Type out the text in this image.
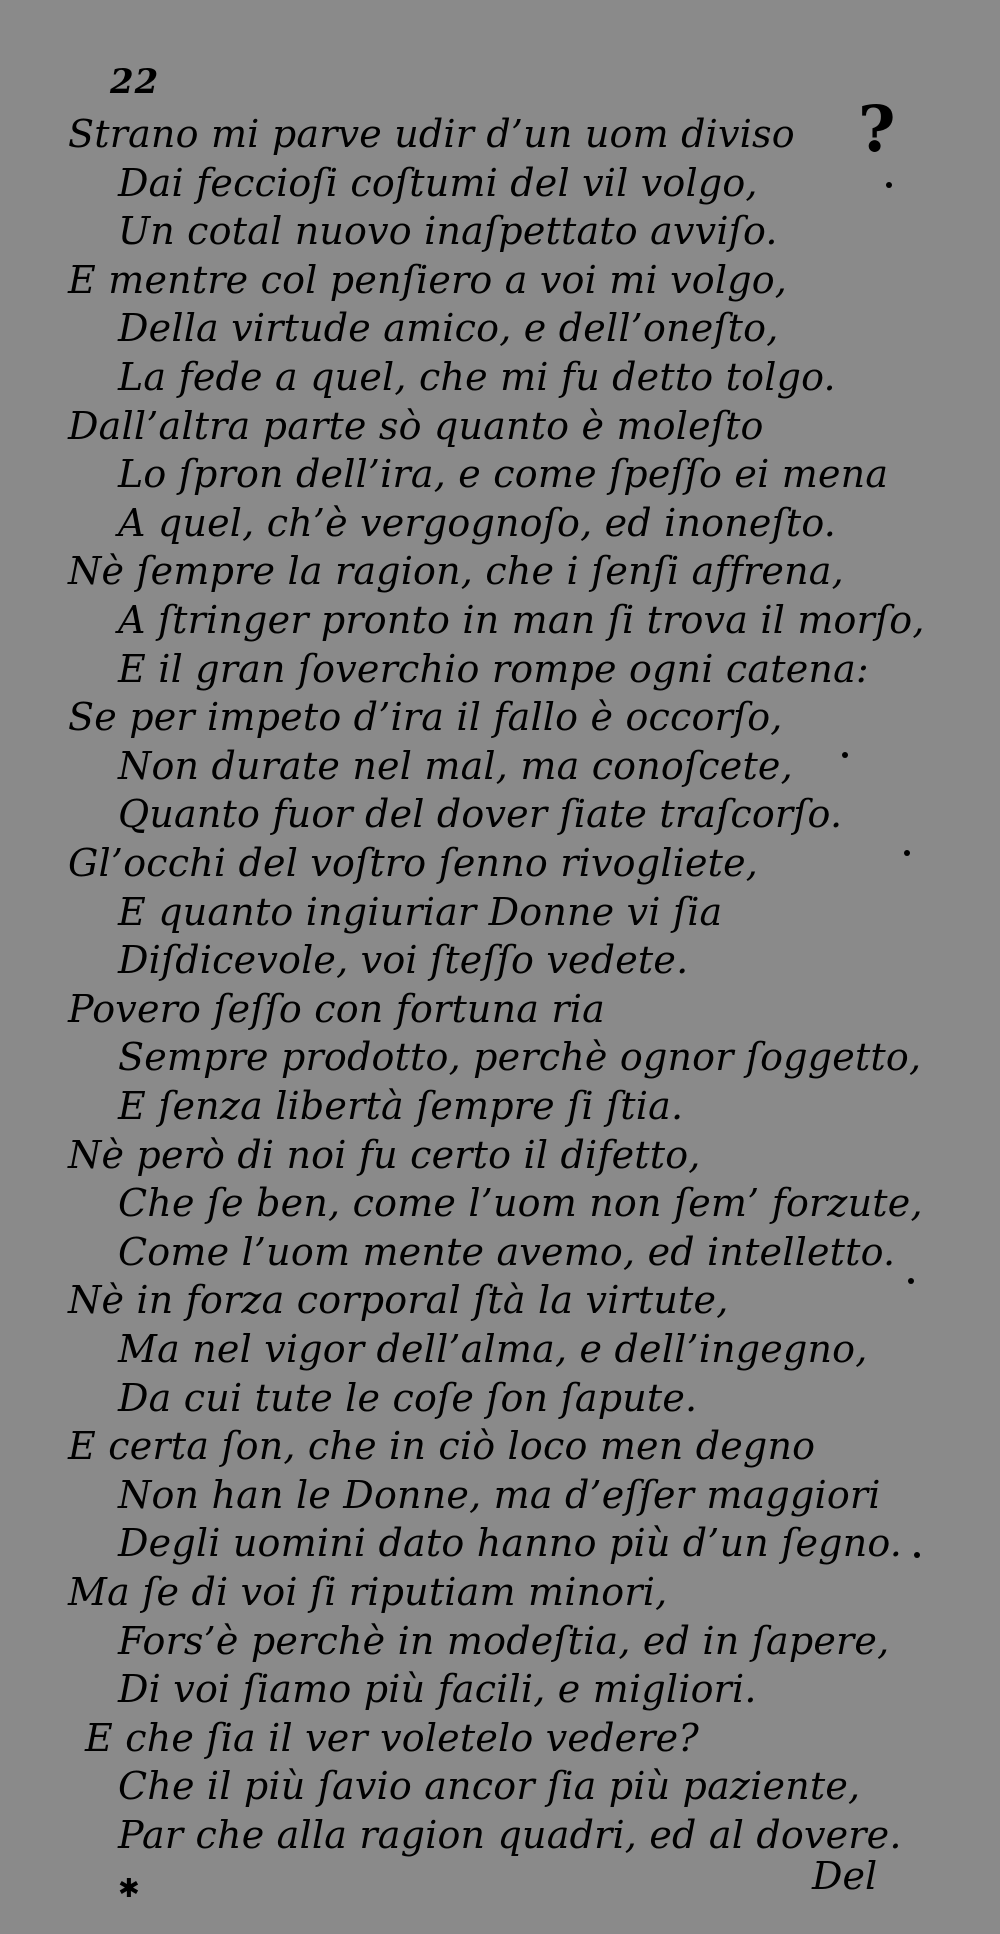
22
?
Strano mi parve udir d’un uom diviso
Dai feccioſi coſtumi del vil volgo,
Un cotal nuovo inaſpettato avviſo.
E mentre col penſiero a voi mi volgo,
Della virtude amico, e dell’oneſto,
La fede a quel, che mi fu detto tolgo.
Dall’altra parte sò quanto è moleſto
Lo ſpron dell’ira, e come ſpeſſo ei mena
A quel, ch’è vergognoſo, ed inoneſto.
Nè ſempre la ragion, che i ſenſi affrena,
A ſtringer pronto in man ſi trova il morſo,
E il gran ſoverchio rompe ogni catena:
Se per impeto d’ira il fallo è occorſo,
Non durate nel mal, ma conoſcete,
Quanto fuor del dover ſiate traſcorſo.
Gl’occhi del voſtro ſenno rivogliete,
E quanto ingiuriar Donne vi ſia
Diſdicevole, voi ſteſſo vedete.
Povero ſeſſo con fortuna ria
Sempre prodotto, perchè ognor ſoggetto,
E ſenza libertà ſempre ſi ſtia.
Nè però di noi fu certo il difetto,
Che ſe ben, come l’uom non ſem’ forzute,
Come l’uom mente avemo, ed intelletto.
Nè in forza corporal ſtà la virtute,
Ma nel vigor dell’alma, e dell’ingegno,
Da cui tute le coſe ſon ſapute.
E certa ſon, che in ciò loco men degno
Non han le Donne, ma d’eſſer maggiori
Degli uomini dato hanno più d’un ſegno.
Ma ſe di voi ſi riputiam minori,
Fors’è perchè in modeſtia, ed in ſapere,
Di voi ſiamo più facili, e migliori.
E che ſia il ver voletelo vedere?
Che il più ſavio ancor ſia più paziente,
Par che alla ragion quadri, ed al dovere.
Del
✱
